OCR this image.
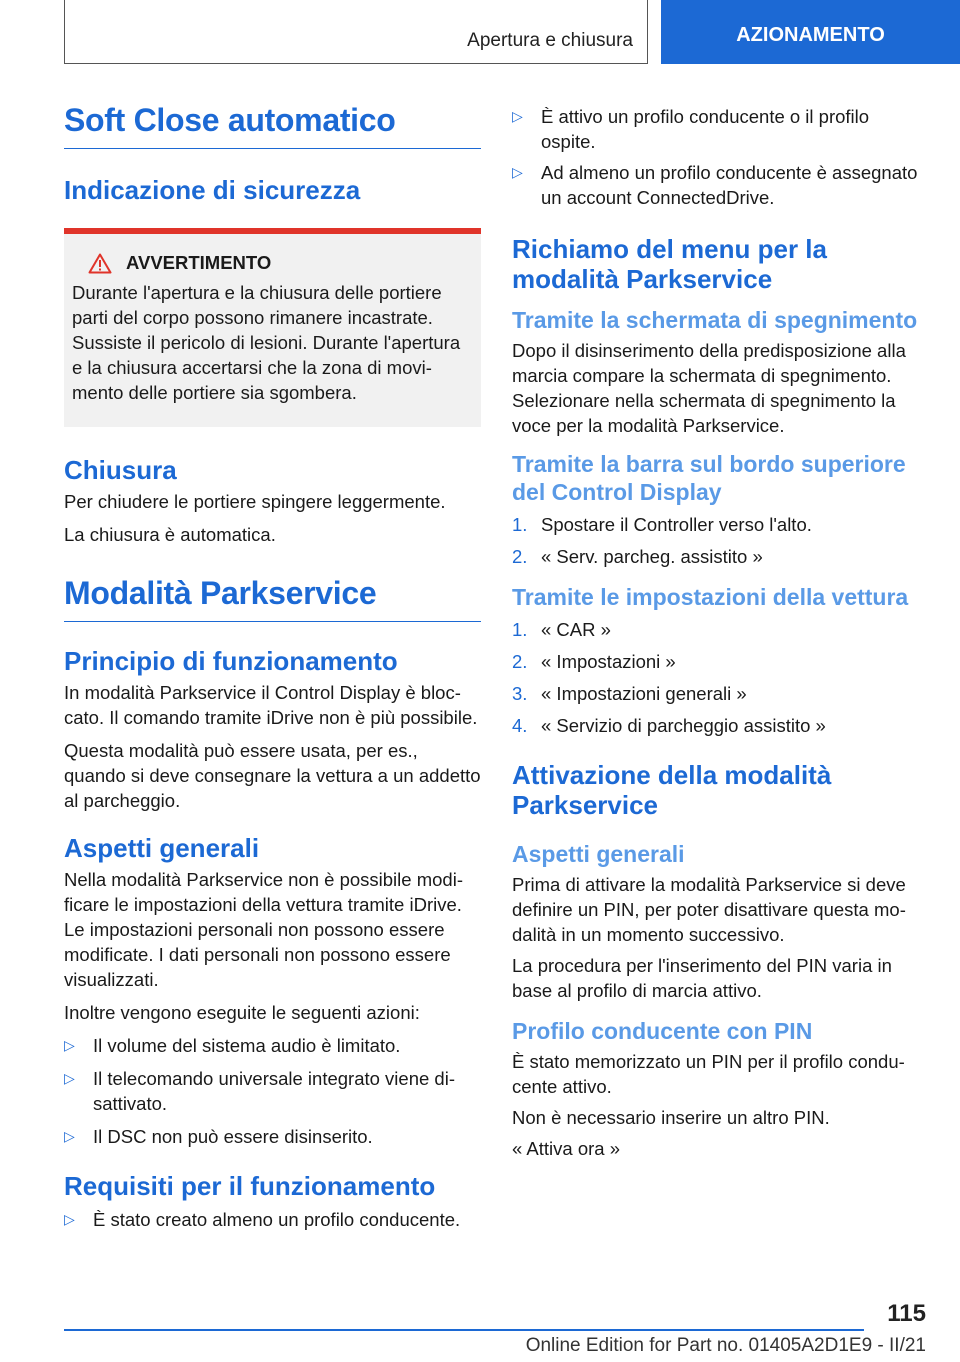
Apertura e chiusura	AZIONAMENTO
Soft Close automatico
Indicazione di sicurezza
AVVERTIMENTO

Durante l'apertura e la chiusura delle portiere parti del corpo possono rimanere incastrate. Sussiste il pericolo di lesioni. Durante l'apertura e la chiusura accertarsi che la zona di movimento delle portiere sia sgombera.

Chiusura

Per chiudere le portiere spingere leggermente.

La chiusura è automatica.

Modalità Parkservice
Principio di funzionamento

In modalità Parkservice il Control Display è bloccato. Il comando tramite iDrive non è più possibile.

Questa modalità può essere usata, per es., quando si deve consegnare la vettura a un addetto al parcheggio.

Aspetti generali

Nella modalità Parkservice non è possibile modificare le impostazioni della vettura tramite iDrive. Le impostazioni personali non possono essere modificate. I dati personali non possono essere visualizzati.

Inoltre vengono eseguite le seguenti azioni:

▷ Il volume del sistema audio è limitato.
▷ Il telecomando universale integrato viene disattivato.
▷ Il DSC non può essere disinserito.
Requisiti per il funzionamento
▷ È stato creato almeno un profilo conducente.
▷ È attivo un profilo conducente o il profilo ospite.
▷ Ad almeno un profilo conducente è assegnato un account ConnectedDrive.
Richiamo del menu per la modalità Parkservice
Tramite la schermata di spegnimento

Dopo il disinserimento della predisposizione alla marcia compare la schermata di spegnimento. Selezionare nella schermata di spegnimento la voce per la modalità Parkservice.

Tramite la barra sul bordo superiore del Control Display
1. Spostare il Controller verso l'alto.
2. « Serv. parcheg. assistito »
Tramite le impostazioni della vettura
1. « CAR »
2. « Impostazioni »
3. « Impostazioni generali »
4. « Servizio di parcheggio assistito »
Attivazione della modalità Parkservice
Aspetti generali

Prima di attivare la modalità Parkservice si deve definire un PIN, per poter disattivare questa modalità in un momento successivo.

La procedura per l'inserimento del PIN varia in base al profilo di marcia attivo.

Profilo conducente con PIN

È stato memorizzato un PIN per il profilo conducente attivo.

Non è necessario inserire un altro PIN.

« Attiva ora »

115
Online Edition for Part no. 01405A2D1E9 - II/21
